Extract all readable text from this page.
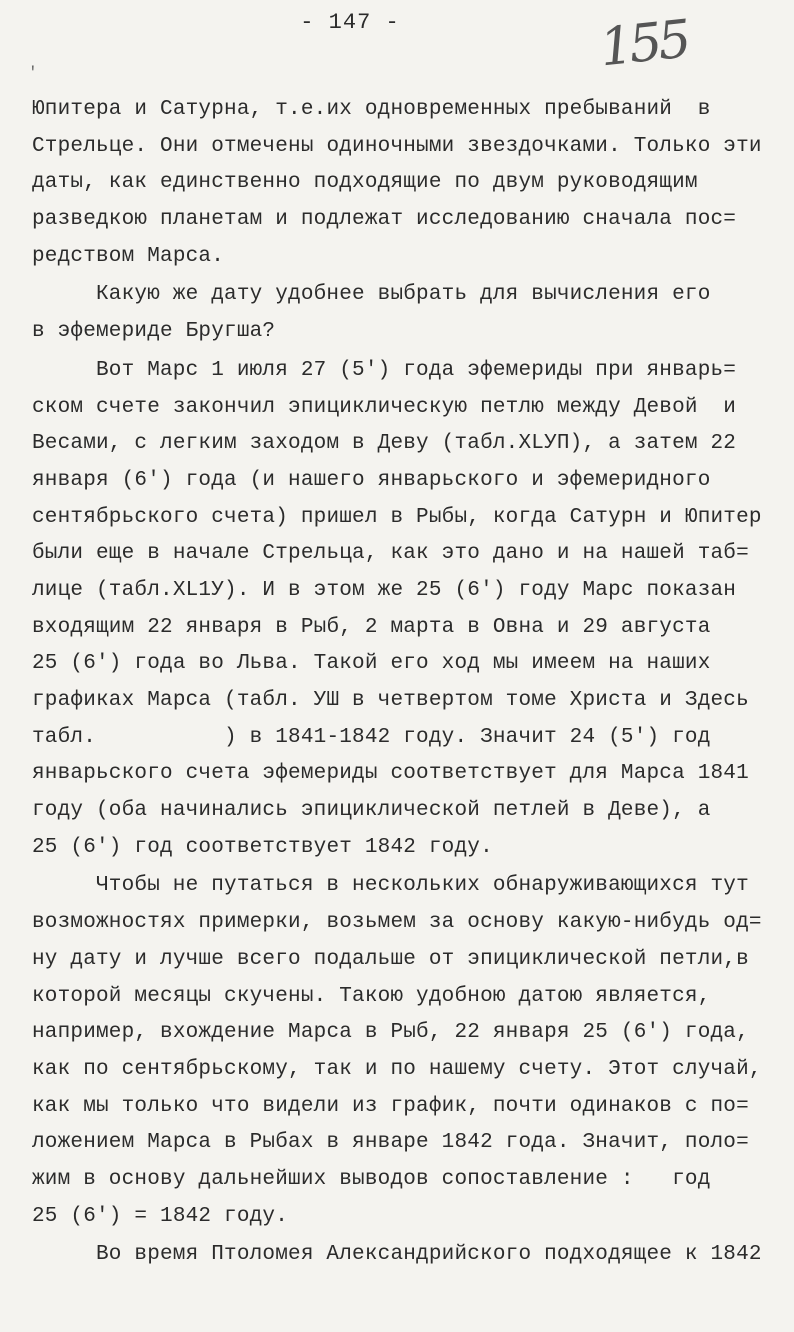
- 147 -	155
'
Юпитера и Сатурна, т.е.их одновременных пребываний  в
Стрельце. Они отмечены одиночными звездочками. Только эти
даты, как единственно подходящие по двум руководящим
разведкою планетам и подлежат исследованию сначала пос=
редством Марса.
Какую же дату удобнее выбрать для вычисления его
в эфемериде Бругша?
Вот Марс 1 июля 27 (5') года эфемериды при январь=
ском счете закончил эпициклическую петлю между Девой  и
Весами, с легким заходом в Деву (табл.ХLУП), а затем 22
января (6') года (и нашего январьского и эфемеридного
сентябрьского счета) пришел в Рыбы, когда Сатурн и Юпитер
были еще в начале Стрельца, как это дано и на нашей таб=
лице (табл.ХL1У). И в этом же 25 (6') году Марс показан
входящим 22 января в Рыб, 2 марта в Овна и 29 августа
25 (6') года во Льва. Такой его ход мы имеем на наших
графиках Марса (табл. УШ в четвертом томе Христа и Здесь
табл.          ) в 1841-1842 году. Значит 24 (5') год
январьского счета эфемериды соответствует для Марса 1841
году (оба начинались эпициклической петлей в Деве), а
25 (6') год соответствует 1842 году.
Чтобы не путаться в нескольких обнаруживающихся тут
возможностях примерки, возьмем за основу какую-нибудь од=
ну дату и лучше всего подальше от эпициклической петли,в
которой месяцы скучены. Такою удобною датою является,
например, вхождение Марса в Рыб, 22 января 25 (6') года,
как по сентябрьскому, так и по нашему счету. Этот случай,
как мы только что видели из график, почти одинаков с по=
ложением Марса в Рыбах в январе 1842 года. Значит, поло=
жим в основу дальнейших выводов сопоставление :   год
25 (6') = 1842 году.
Во время Птоломея Александрийского подходящее к 1842
